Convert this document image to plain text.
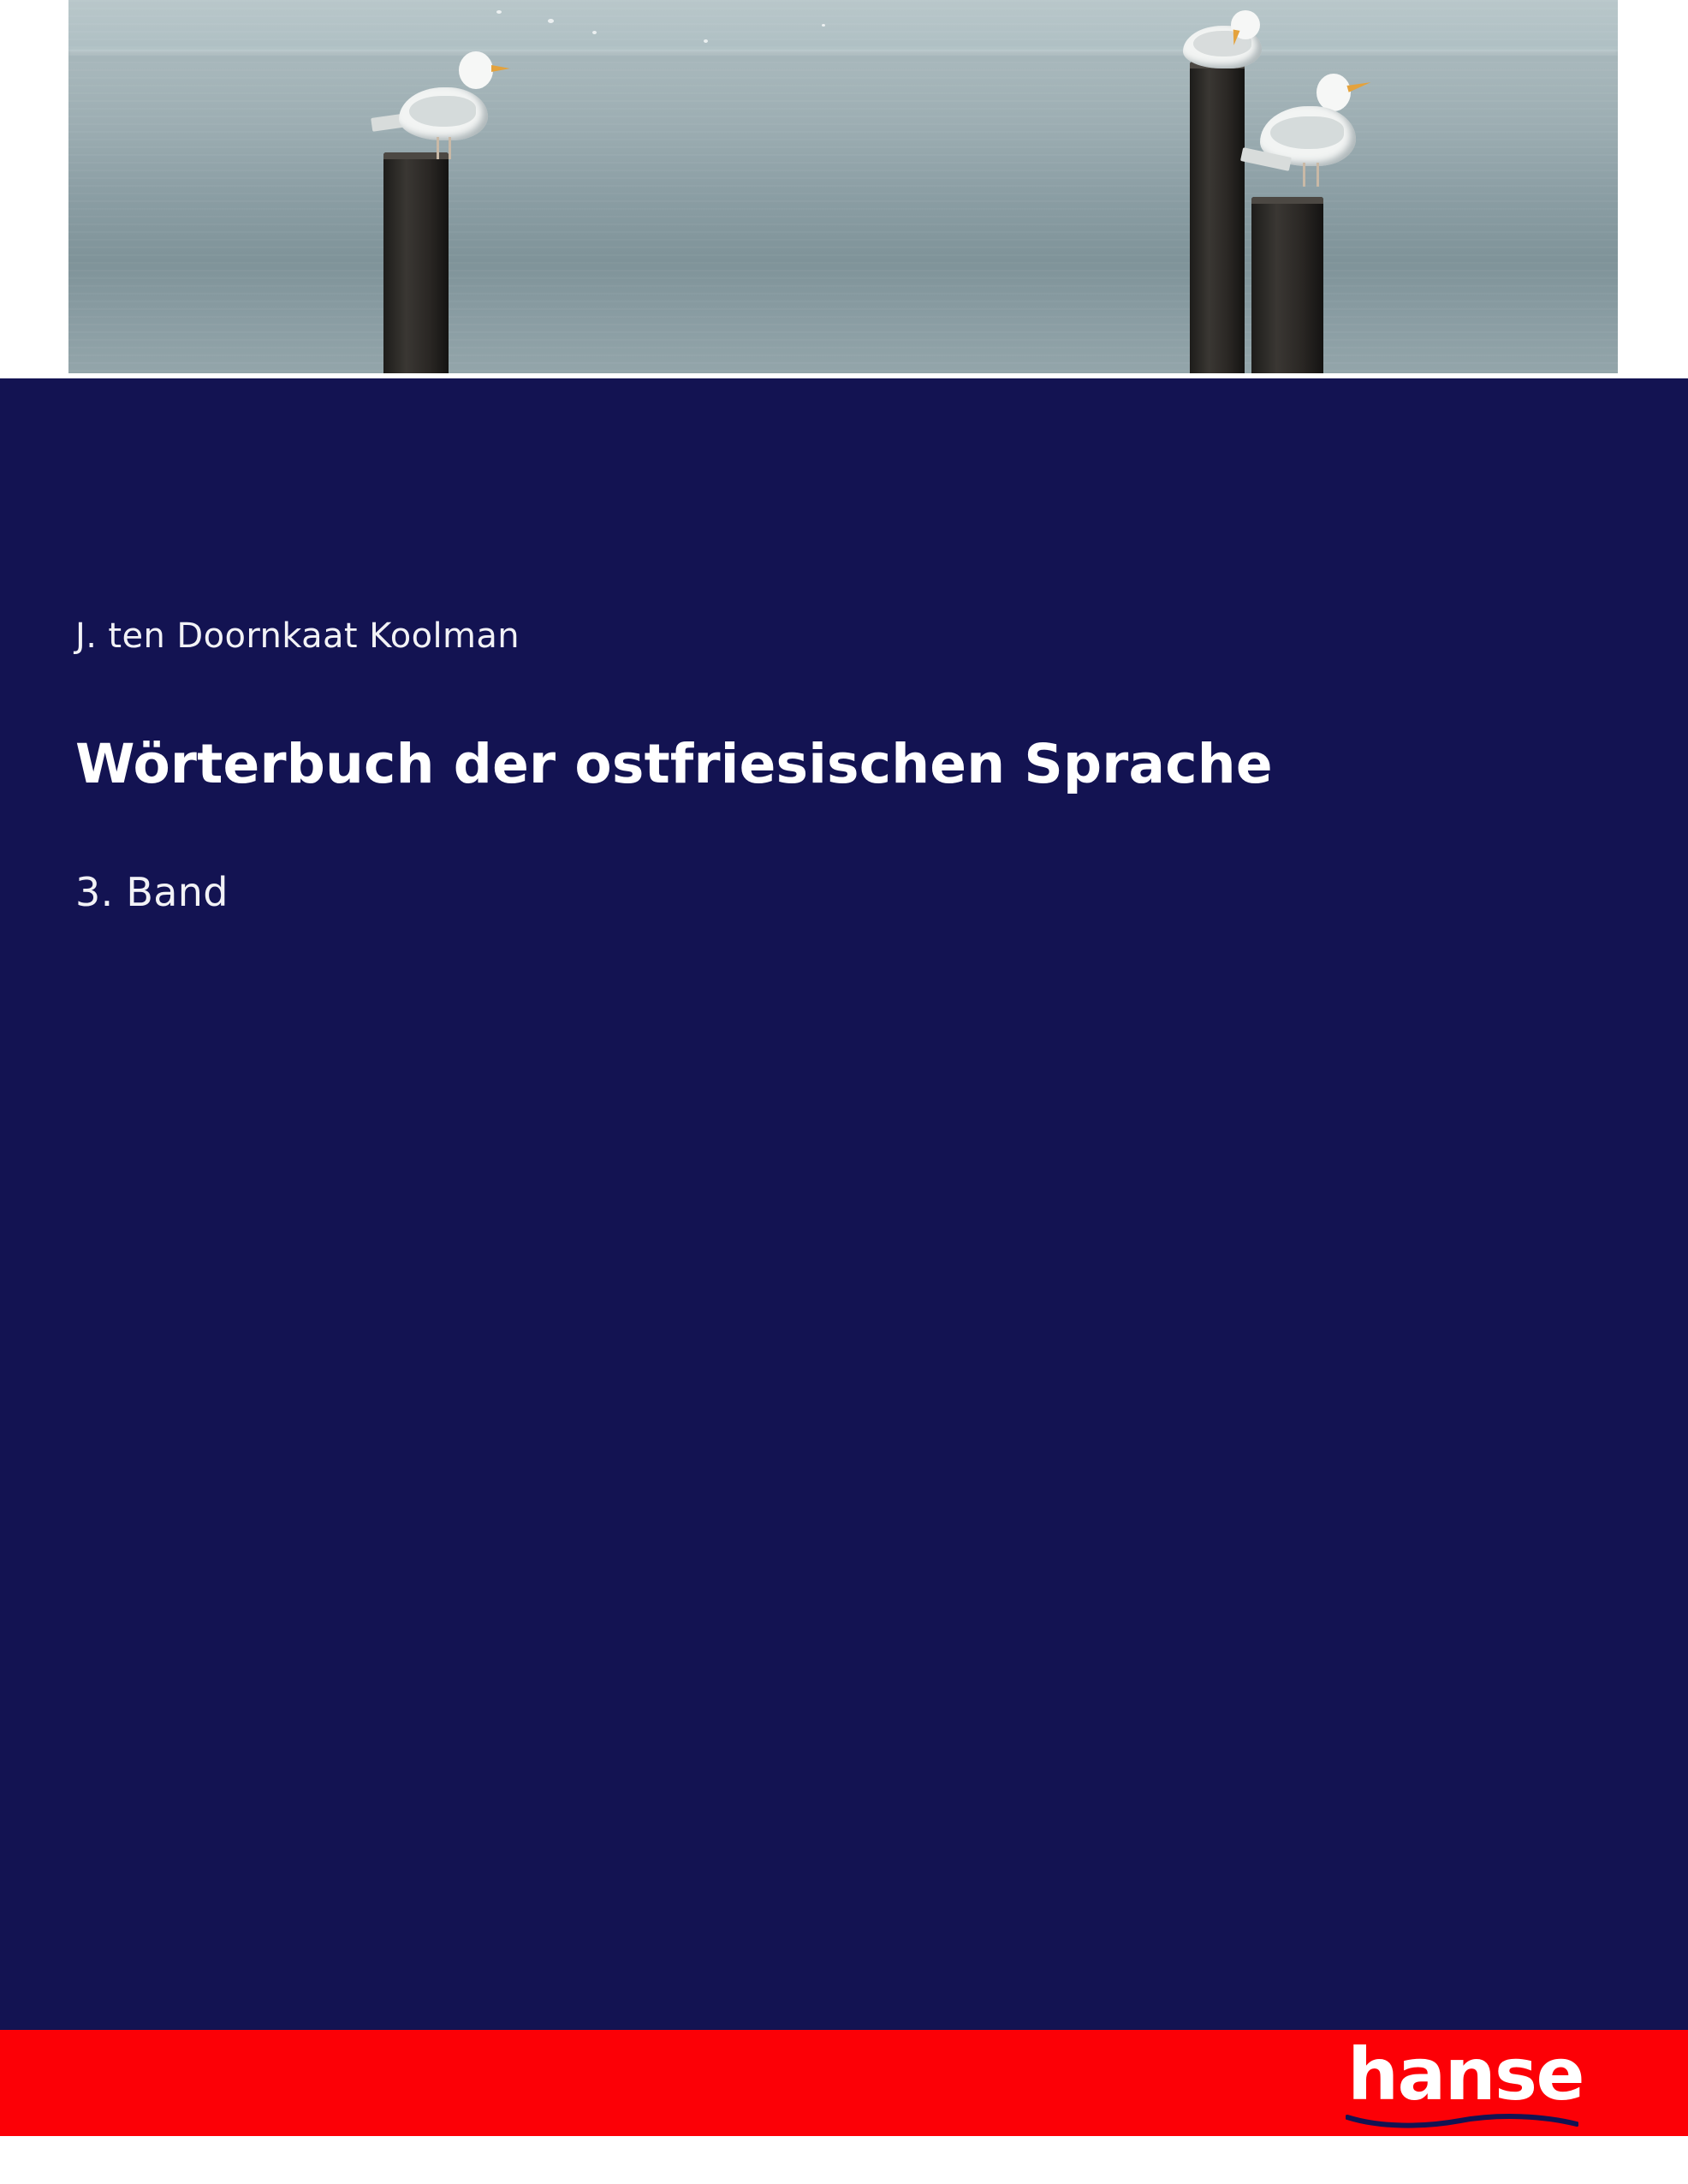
J. ten Doornkaat Koolman

Wörterbuch der ostfriesischen Sprache

3. Band

hanse
